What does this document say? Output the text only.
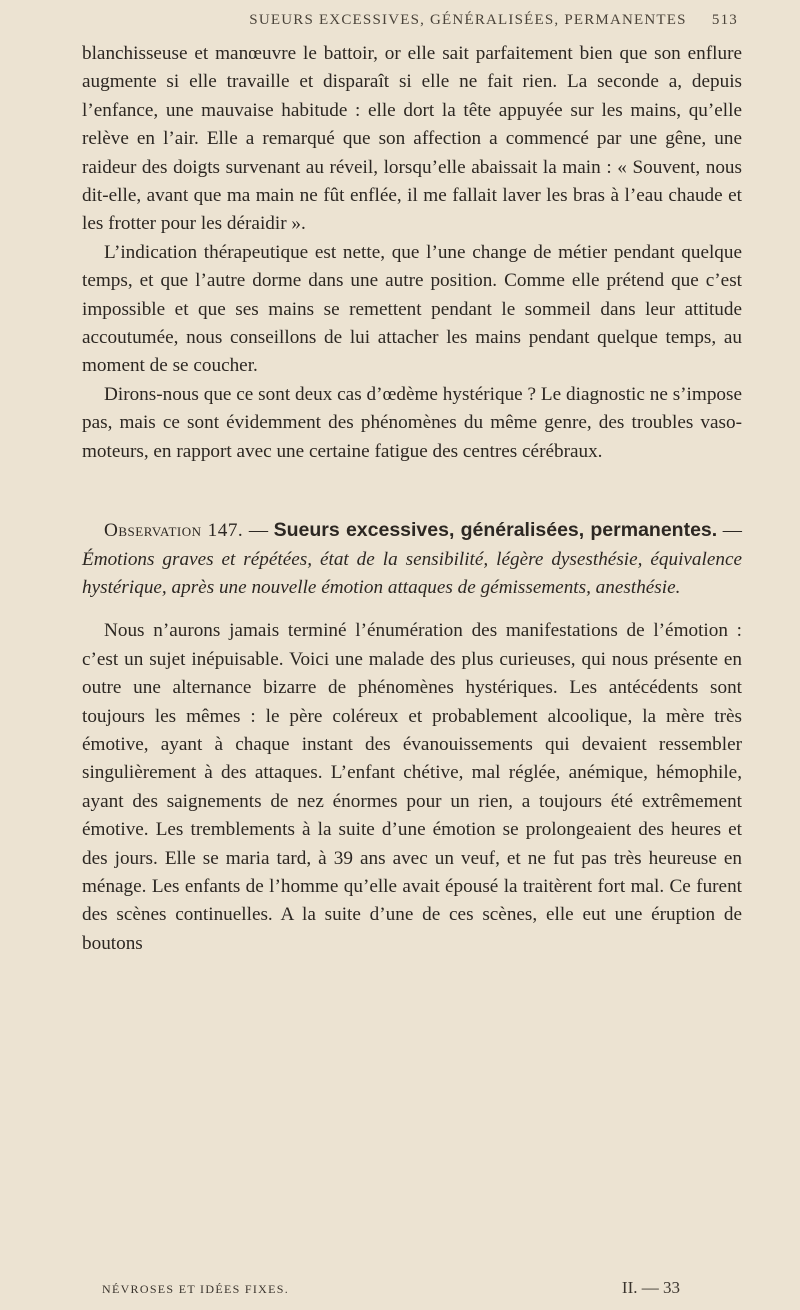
SUEURS EXCESSIVES, GÉNÉRALISÉES, PERMANENTES 513

blanchisseuse et manœuvre le battoir, or elle sait parfaitement bien que son enflure augmente si elle travaille et disparaît si elle ne fait rien. La seconde a, depuis l’enfance, une mauvaise habitude : elle dort la tête appuyée sur les mains, qu’elle relève en l’air. Elle a remarqué que son affection a commencé par une gêne, une raideur des doigts survenant au réveil, lorsqu’elle abaissait la main : « Souvent, nous dit-elle, avant que ma main ne fût enflée, il me fallait laver les bras à l’eau chaude et les frotter pour les déraidir ».

L’indication thérapeutique est nette, que l’une change de métier pendant quelque temps, et que l’autre dorme dans une autre position. Comme elle prétend que c’est impossible et que ses mains se remettent pendant le sommeil dans leur attitude accoutumée, nous conseillons de lui attacher les mains pendant quelque temps, au moment de se coucher.

Dirons-nous que ce sont deux cas d’œdème hystérique ? Le diagnostic ne s’impose pas, mais ce sont évidemment des phénomènes du même genre, des troubles vaso-moteurs, en rapport avec une certaine fatigue des centres cérébraux.

Observation 147. — Sueurs excessives, généralisées, permanentes. — Émotions graves et répétées, état de la sensibilité, légère dysesthésie, équivalence hystérique, après une nouvelle émotion attaques de gémissements, anesthésie.

Nous n’aurons jamais terminé l’énumération des manifestations de l’émotion : c’est un sujet inépuisable. Voici une malade des plus curieuses, qui nous présente en outre une alternance bizarre de phénomènes hystériques. Les antécédents sont toujours les mêmes : le père coléreux et probablement alcoolique, la mère très émotive, ayant à chaque instant des évanouissements qui devaient ressembler singulièrement à des attaques. L’enfant chétive, mal réglée, anémique, hémophile, ayant des saignements de nez énormes pour un rien, a toujours été extrêmement émotive. Les tremblements à la suite d’une émotion se prolongeaient des heures et des jours. Elle se maria tard, à 39 ans avec un veuf, et ne fut pas très heureuse en ménage. Les enfants de l’homme qu’elle avait épousé la traitèrent fort mal. Ce furent des scènes continuelles. A la suite d’une de ces scènes, elle eut une éruption de boutons

NÉVROSES ET IDÉES FIXES.	II. — 33
